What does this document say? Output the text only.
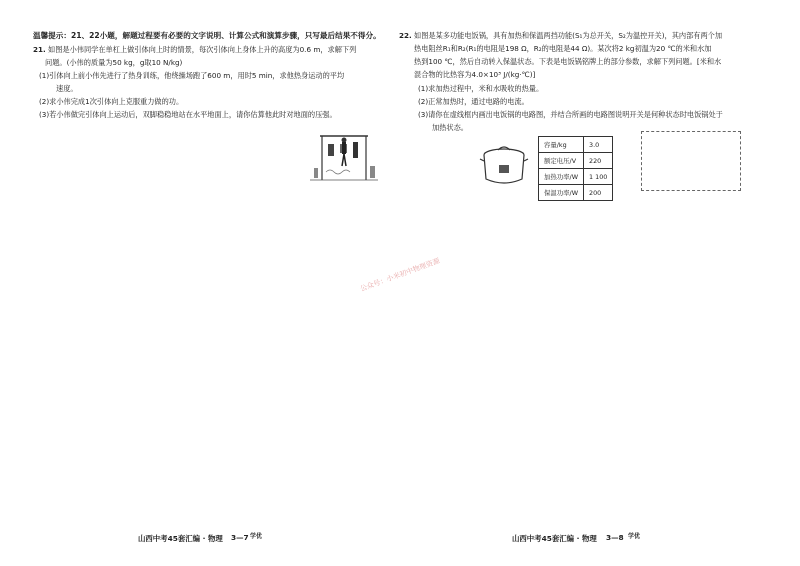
温馨提示：21、22小题，解题过程要有必要的文字说明、计算公式和演算步骤，只写最后结果不得分。
21. 如图是小伟同学在单杠上做引体向上时的情景，每次引体向上身体上升的高度为0.6 m，求解下列
问题。(小伟的质量为50 kg，g取10 N/kg)
(1)引体向上前小伟先进行了热身训练，他绕操场跑了600 m，用时5 min，求他热身运动的平均
速度。
(2)求小伟完成1次引体向上克服重力做的功。
(3)若小伟做完引体向上运动后，双脚稳稳地站在水平地面上，请你估算他此时对地面的压强。
山西中考45套汇编 · 物理 3—7 学优
22. 如图是某多功能电饭锅，具有加热和保温两挡功能(S₁为总开关，S₂为温控开关)，其内部有两个加
热电阻丝R₁和R₂(R₁的电阻是198 Ω，R₂的电阻是44 Ω)。某次将2 kg初温为20 ℃的米和水加
热到100 ℃，然后自动转入保温状态。下表是电饭锅铭牌上的部分参数，求解下列问题。[米和水
混合物的比热容为4.0×10³ J/(kg·℃)]
(1)求加热过程中，米和水吸收的热量。
(2)正常加热时，通过电路的电流。
(3)请你在虚线框内画出电饭锅的电路图，并结合所画的电路图说明开关是何种状态时电饭锅处于
加热状态。
容量/kg	3.0
额定电压/V	220
加热功率/W	1 100
保温功率/W	200
公众号：小米初中物理资源
山西中考45套汇编 · 物理 3—8 学优
